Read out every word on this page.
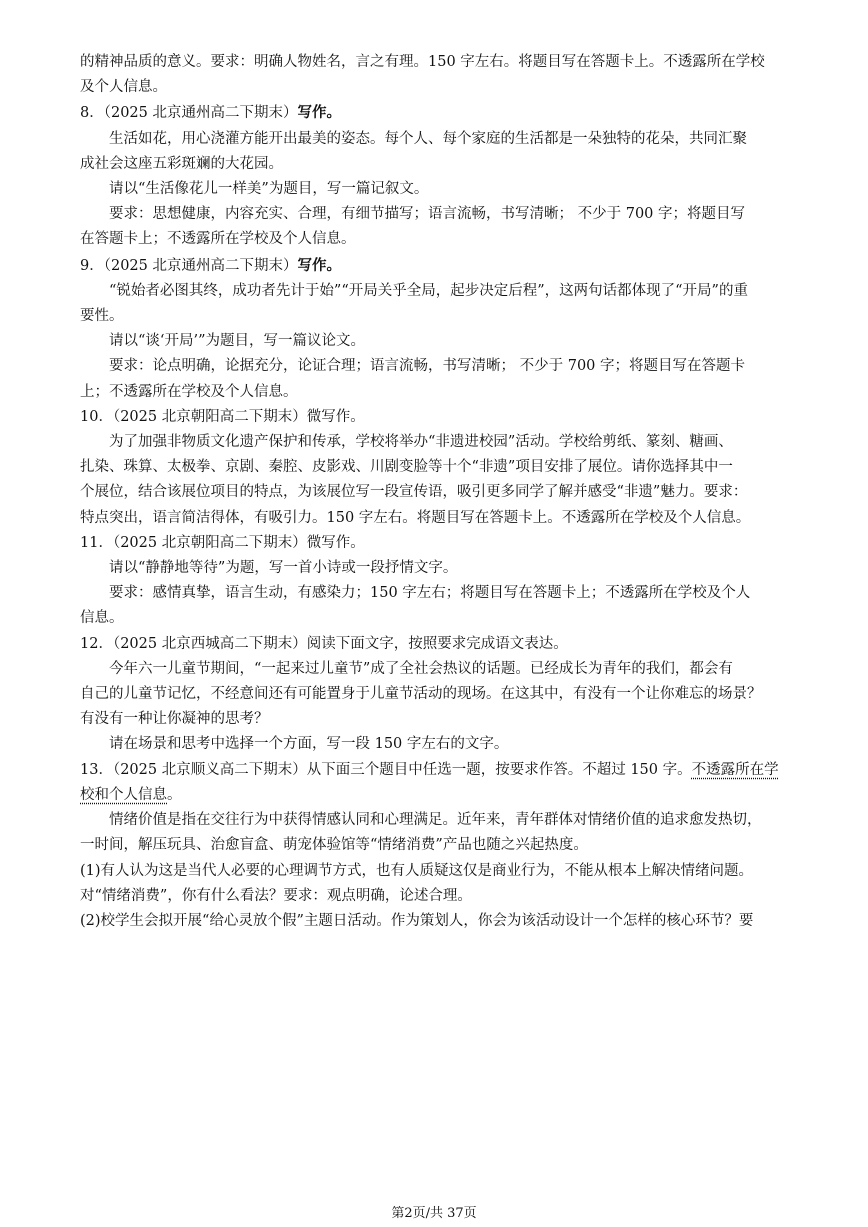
的精神品质的意义。要求：明确人物姓名，言之有理。150 字左右。将题目写在答题卡上。不透露所在学校
及个人信息。
8．（2025 北京通州高二下期末）写作。
生活如花，用心浇灌方能开出最美的姿态。每个人、每个家庭的生活都是一朵独特的花朵，共同汇聚
成社会这座五彩斑斓的大花园。
请以“生活像花儿一样美”为题目，写一篇记叙文。
要求：思想健康，内容充实、合理，有细节描写；语言流畅，书写清晰； 不少于 700 字；将题目写
在答题卡上；不透露所在学校及个人信息。
9．（2025 北京通州高二下期末）写作。
“锐始者必图其终，成功者先计于始”“开局关乎全局，起步决定后程”，这两句话都体现了“开局”的重
要性。
请以“谈‘开局’”为题目，写一篇议论文。
要求：论点明确，论据充分，论证合理；语言流畅，书写清晰； 不少于 700 字；将题目写在答题卡
上；不透露所在学校及个人信息。
10．（2025 北京朝阳高二下期末）微写作。
为了加强非物质文化遗产保护和传承，学校将举办“非遗进校园”活动。学校给剪纸、篆刻、糖画、
扎染、珠算、太极拳、京剧、秦腔、皮影戏、川剧变脸等十个“非遗”项目安排了展位。请你选择其中一
个展位，结合该展位项目的特点，为该展位写一段宣传语，吸引更多同学了解并感受“非遗”魅力。要求：
特点突出，语言简洁得体，有吸引力。150 字左右。将题目写在答题卡上。不透露所在学校及个人信息。
11．（2025 北京朝阳高二下期末）微写作。
请以“静静地等待”为题，写一首小诗或一段抒情文字。
要求：感情真挚，语言生动，有感染力；150 字左右；将题目写在答题卡上；不透露所在学校及个人
信息。
12．（2025 北京西城高二下期末）阅读下面文字，按照要求完成语文表达。
今年六一儿童节期间，“一起来过儿童节”成了全社会热议的话题。已经成长为青年的我们，都会有
自己的儿童节记忆，不经意间还有可能置身于儿童节活动的现场。在这其中，有没有一个让你难忘的场景？
有没有一种让你凝神的思考？
请在场景和思考中选择一个方面，写一段 150 字左右的文字。
13．（2025 北京顺义高二下期末）从下面三个题目中任选一题，按要求作答。不超过 150 字。不透露所在学
校和个人信息。
情绪价值是指在交往行为中获得情感认同和心理满足。近年来，青年群体对情绪价值的追求愈发热切，
一时间，解压玩具、治愈盲盒、萌宠体验馆等“情绪消费”产品也随之兴起热度。
(1)有人认为这是当代人必要的心理调节方式，也有人质疑这仅是商业行为，不能从根本上解决情绪问题。
对“情绪消费”，你有什么看法？要求：观点明确，论述合理。
(2)校学生会拟开展“给心灵放个假”主题日活动。作为策划人，你会为该活动设计一个怎样的核心环节？要
第2页/共 37页
